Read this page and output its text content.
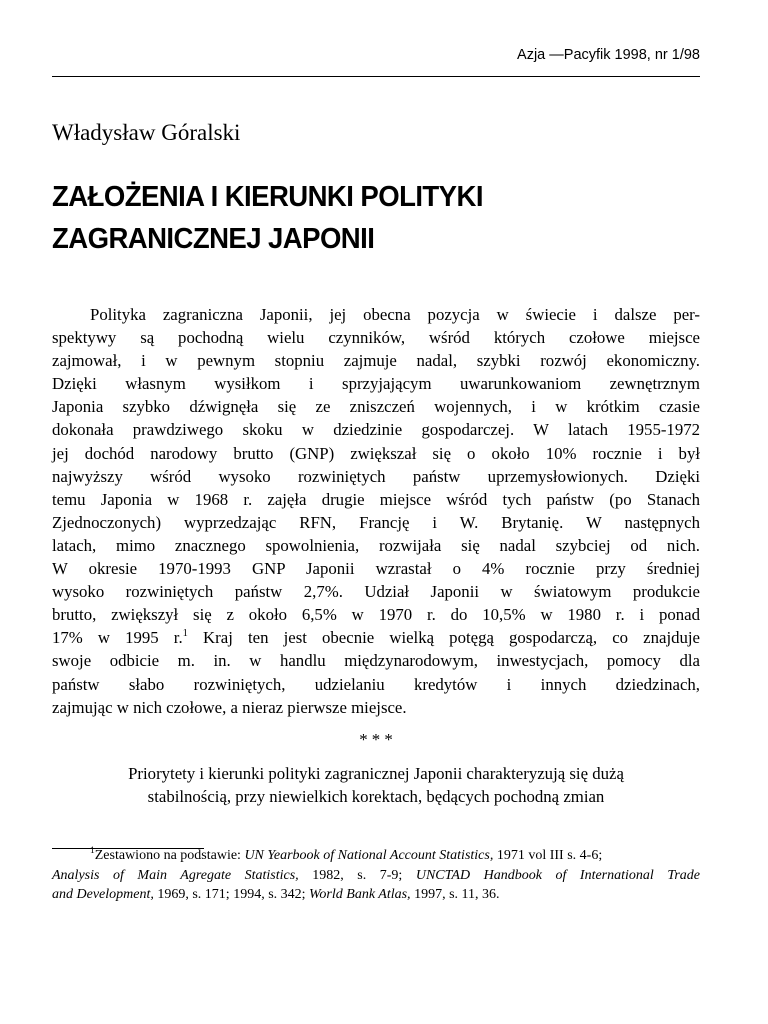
Azja —Pacyfik 1998, nr 1/98
Władysław Góralski
ZAŁOŻENIA I KIERUNKI POLITYKI
ZAGRANICZNEJ JAPONII
Polityka zagraniczna Japonii, jej obecna pozycja w świecie i dalsze per-
spektywy są pochodną wielu czynników, wśród których czołowe miejsce
zajmował, i w pewnym stopniu zajmuje nadal, szybki rozwój ekonomiczny.
Dzięki własnym wysiłkom i sprzyjającym uwarunkowaniom zewnętrznym
Japonia szybko dźwignęła się ze zniszczeń wojennych, i w krótkim czasie
dokonała prawdziwego skoku w dziedzinie gospodarczej. W latach 1955-1972
jej dochód narodowy brutto (GNP) zwiększał się o około 10% rocznie i był
najwyższy wśród wysoko rozwiniętych państw uprzemysłowionych. Dzięki
temu Japonia w 1968 r. zajęła drugie miejsce wśród tych państw (po Stanach
Zjednoczonych) wyprzedzając RFN, Francję i W. Brytanię. W następnych
latach, mimo znacznego spowolnienia, rozwijała się nadal szybciej od nich.
W okresie 1970-1993 GNP Japonii wzrastał o 4% rocznie przy średniej
wysoko rozwiniętych państw 2,7%. Udział Japonii w światowym produkcie
brutto, zwiększył się z około 6,5% w 1970 r. do 10,5% w 1980 r. i ponad
17% w 1995 r.$^1$ Kraj ten jest obecnie wielką potęgą gospodarczą, co znajduje
swoje odbicie m. in. w handlu międzynarodowym, inwestycjach, pomocy dla
państw słabo rozwiniętych, udzielaniu kredytów i innych dziedzinach,
zajmując w nich czołowe, a nieraz pierwsze miejsce.
* * *
Priorytety i kierunki polityki zagranicznej Japonii charakteryzują się dużą
stabilnością, przy niewielkich korektach, będących pochodną zmian
$^1$Zestawiono na podstawie: UN Yearbook of National Account Statistics, 1971 vol III s. 4-6;
Analysis of Main Agregate Statistics, 1982, s. 7-9; UNCTAD Handbook of International Trade
and Development, 1969, s. 171; 1994, s. 342; World Bank Atlas, 1997, s. 11, 36.
